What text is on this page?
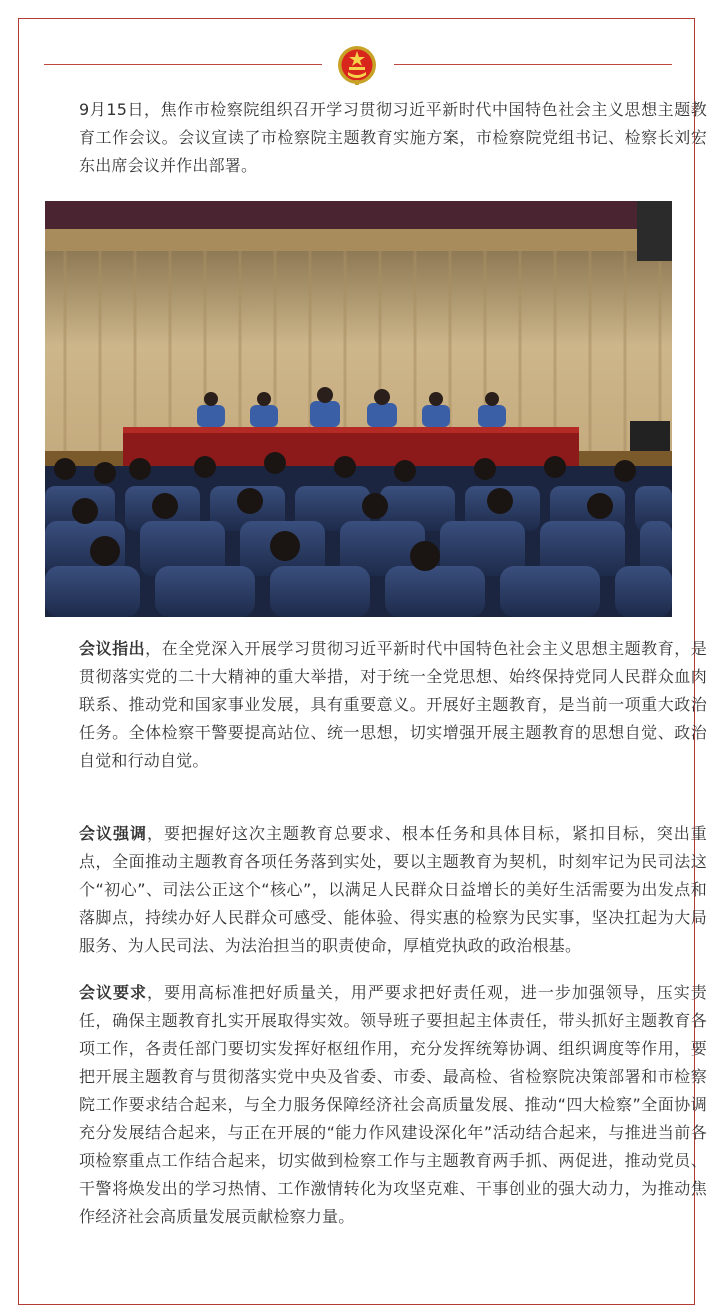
9月15日，焦作市检察院组织召开学习贯彻习近平新时代中国特色社会主义思想主题教育工作会议。会议宣读了市检察院主题教育实施方案，市检察院党组书记、检察长刘宏东出席会议并作出部署。

会议指出，在全党深入开展学习贯彻习近平新时代中国特色社会主义思想主题教育，是贯彻落实党的二十大精神的重大举措，对于统一全党思想、始终保持党同人民群众血肉联系、推动党和国家事业发展，具有重要意义。开展好主题教育，是当前一项重大政治任务。全体检察干警要提高站位、统一思想，切实增强开展主题教育的思想自觉、政治自觉和行动自觉。

会议强调，要把握好这次主题教育总要求、根本任务和具体目标，紧扣目标，突出重点，全面推动主题教育各项任务落到实处，要以主题教育为契机，时刻牢记为民司法这个“初心”、司法公正这个“核心”，以满足人民群众日益增长的美好生活需要为出发点和落脚点，持续办好人民群众可感受、能体验、得实惠的检察为民实事，坚决扛起为大局服务、为人民司法、为法治担当的职责使命，厚植党执政的政治根基。

会议要求，要用高标准把好质量关，用严要求把好责任观，进一步加强领导，压实责任，确保主题教育扎实开展取得实效。领导班子要担起主体责任，带头抓好主题教育各项工作，各责任部门要切实发挥好枢纽作用，充分发挥统筹协调、组织调度等作用，要把开展主题教育与贯彻落实党中央及省委、市委、最高检、省检察院决策部署和市检察院工作要求结合起来，与全力服务保障经济社会高质量发展、推动“四大检察”全面协调充分发展结合起来，与正在开展的“能力作风建设深化年”活动结合起来，与推进当前各项检察重点工作结合起来，切实做到检察工作与主题教育两手抓、两促进，推动党员、干警将焕发出的学习热情、工作激情转化为攻坚克难、干事创业的强大动力，为推动焦作经济社会高质量发展贡献检察力量。
